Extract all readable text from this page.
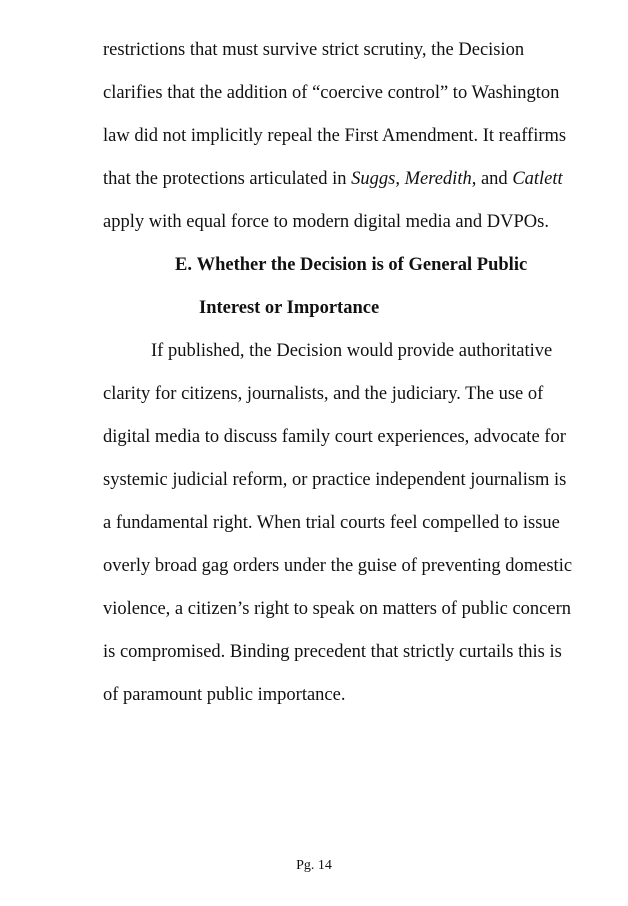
restrictions that must survive strict scrutiny, the Decision
clarifies that the addition of “coercive control” to Washington
law did not implicitly repeal the First Amendment. It reaffirms
that the protections articulated in Suggs, Meredith, and Catlett
apply with equal force to modern digital media and DVPOs.
E. Whether the Decision is of General Public
Interest or Importance
If published, the Decision would provide authoritative
clarity for citizens, journalists, and the judiciary. The use of
digital media to discuss family court experiences, advocate for
systemic judicial reform, or practice independent journalism is
a fundamental right. When trial courts feel compelled to issue
overly broad gag orders under the guise of preventing domestic
violence, a citizen’s right to speak on matters of public concern
is compromised. Binding precedent that strictly curtails this is
of paramount public importance.
Pg. 14
